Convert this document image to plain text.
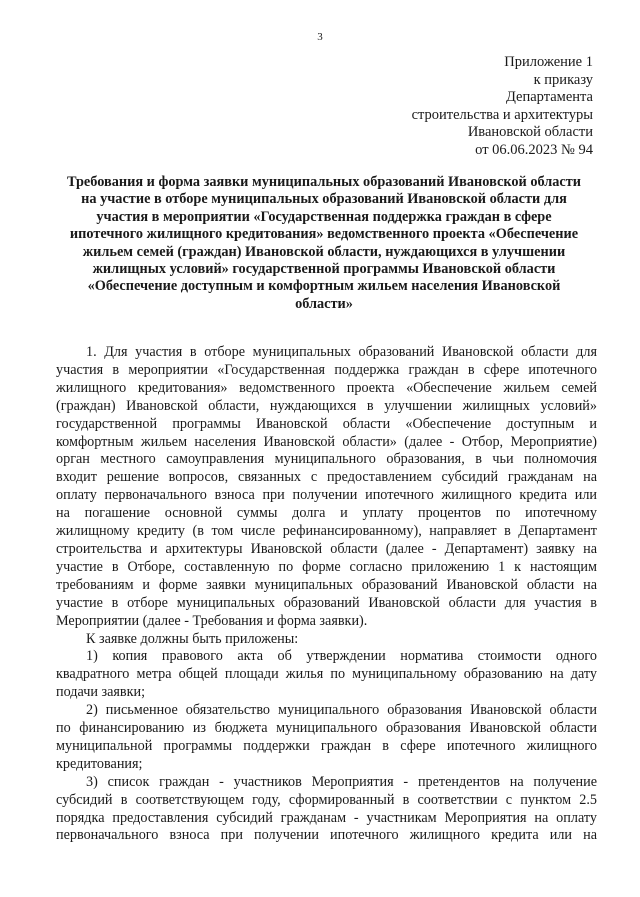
3
Приложение 1
к приказу
Департамента
строительства и архитектуры
Ивановской области
от 06.06.2023 № 94
Требования и форма заявки муниципальных образований Ивановской области
на участие в отборе муниципальных образований Ивановской области для
участия в мероприятии «Государственная поддержка граждан в сфере
ипотечного жилищного кредитования» ведомственного проекта «Обеспечение
жильем семей (граждан) Ивановской области, нуждающихся в улучшении
жилищных условий» государственной программы Ивановской области
«Обеспечение доступным и комфортным жильем населения Ивановской
области»
1. Для участия в отборе муниципальных образований Ивановской области для
участия в мероприятии «Государственная поддержка граждан в сфере ипотечного
жилищного кредитования» ведомственного проекта «Обеспечение жильем семей
(граждан) Ивановской области, нуждающихся в улучшении жилищных условий»
государственной программы Ивановской области «Обеспечение доступным и
комфортным жильем населения Ивановской области» (далее - Отбор, Мероприятие)
орган местного самоуправления муниципального образования, в чьи полномочия
входит решение вопросов, связанных с предоставлением субсидий гражданам на
оплату первоначального взноса при получении ипотечного жилищного кредита или
на погашение основной суммы долга и уплату процентов по ипотечному
жилищному кредиту (в том числе рефинансированному), направляет в Департамент
строительства и архитектуры Ивановской области (далее - Департамент) заявку на
участие в Отборе, составленную по форме согласно приложению 1 к настоящим
требованиям и форме заявки муниципальных образований Ивановской области на
участие в отборе муниципальных образований Ивановской области для участия в
Мероприятии (далее - Требования и форма заявки).
К заявке должны быть приложены:
1) копия правового акта об утверждении норматива стоимости одного
квадратного метра общей площади жилья по муниципальному образованию на дату
подачи заявки;
2) письменное обязательство муниципального образования Ивановской области
по финансированию из бюджета муниципального образования Ивановской области
муниципальной программы поддержки граждан в сфере ипотечного жилищного
кредитования;
3) список граждан - участников Мероприятия - претендентов на получение
субсидий в соответствующем году, сформированный в соответствии с пунктом 2.5
порядка предоставления субсидий гражданам - участникам Мероприятия на оплату
первоначального взноса при получении ипотечного жилищного кредита или на
